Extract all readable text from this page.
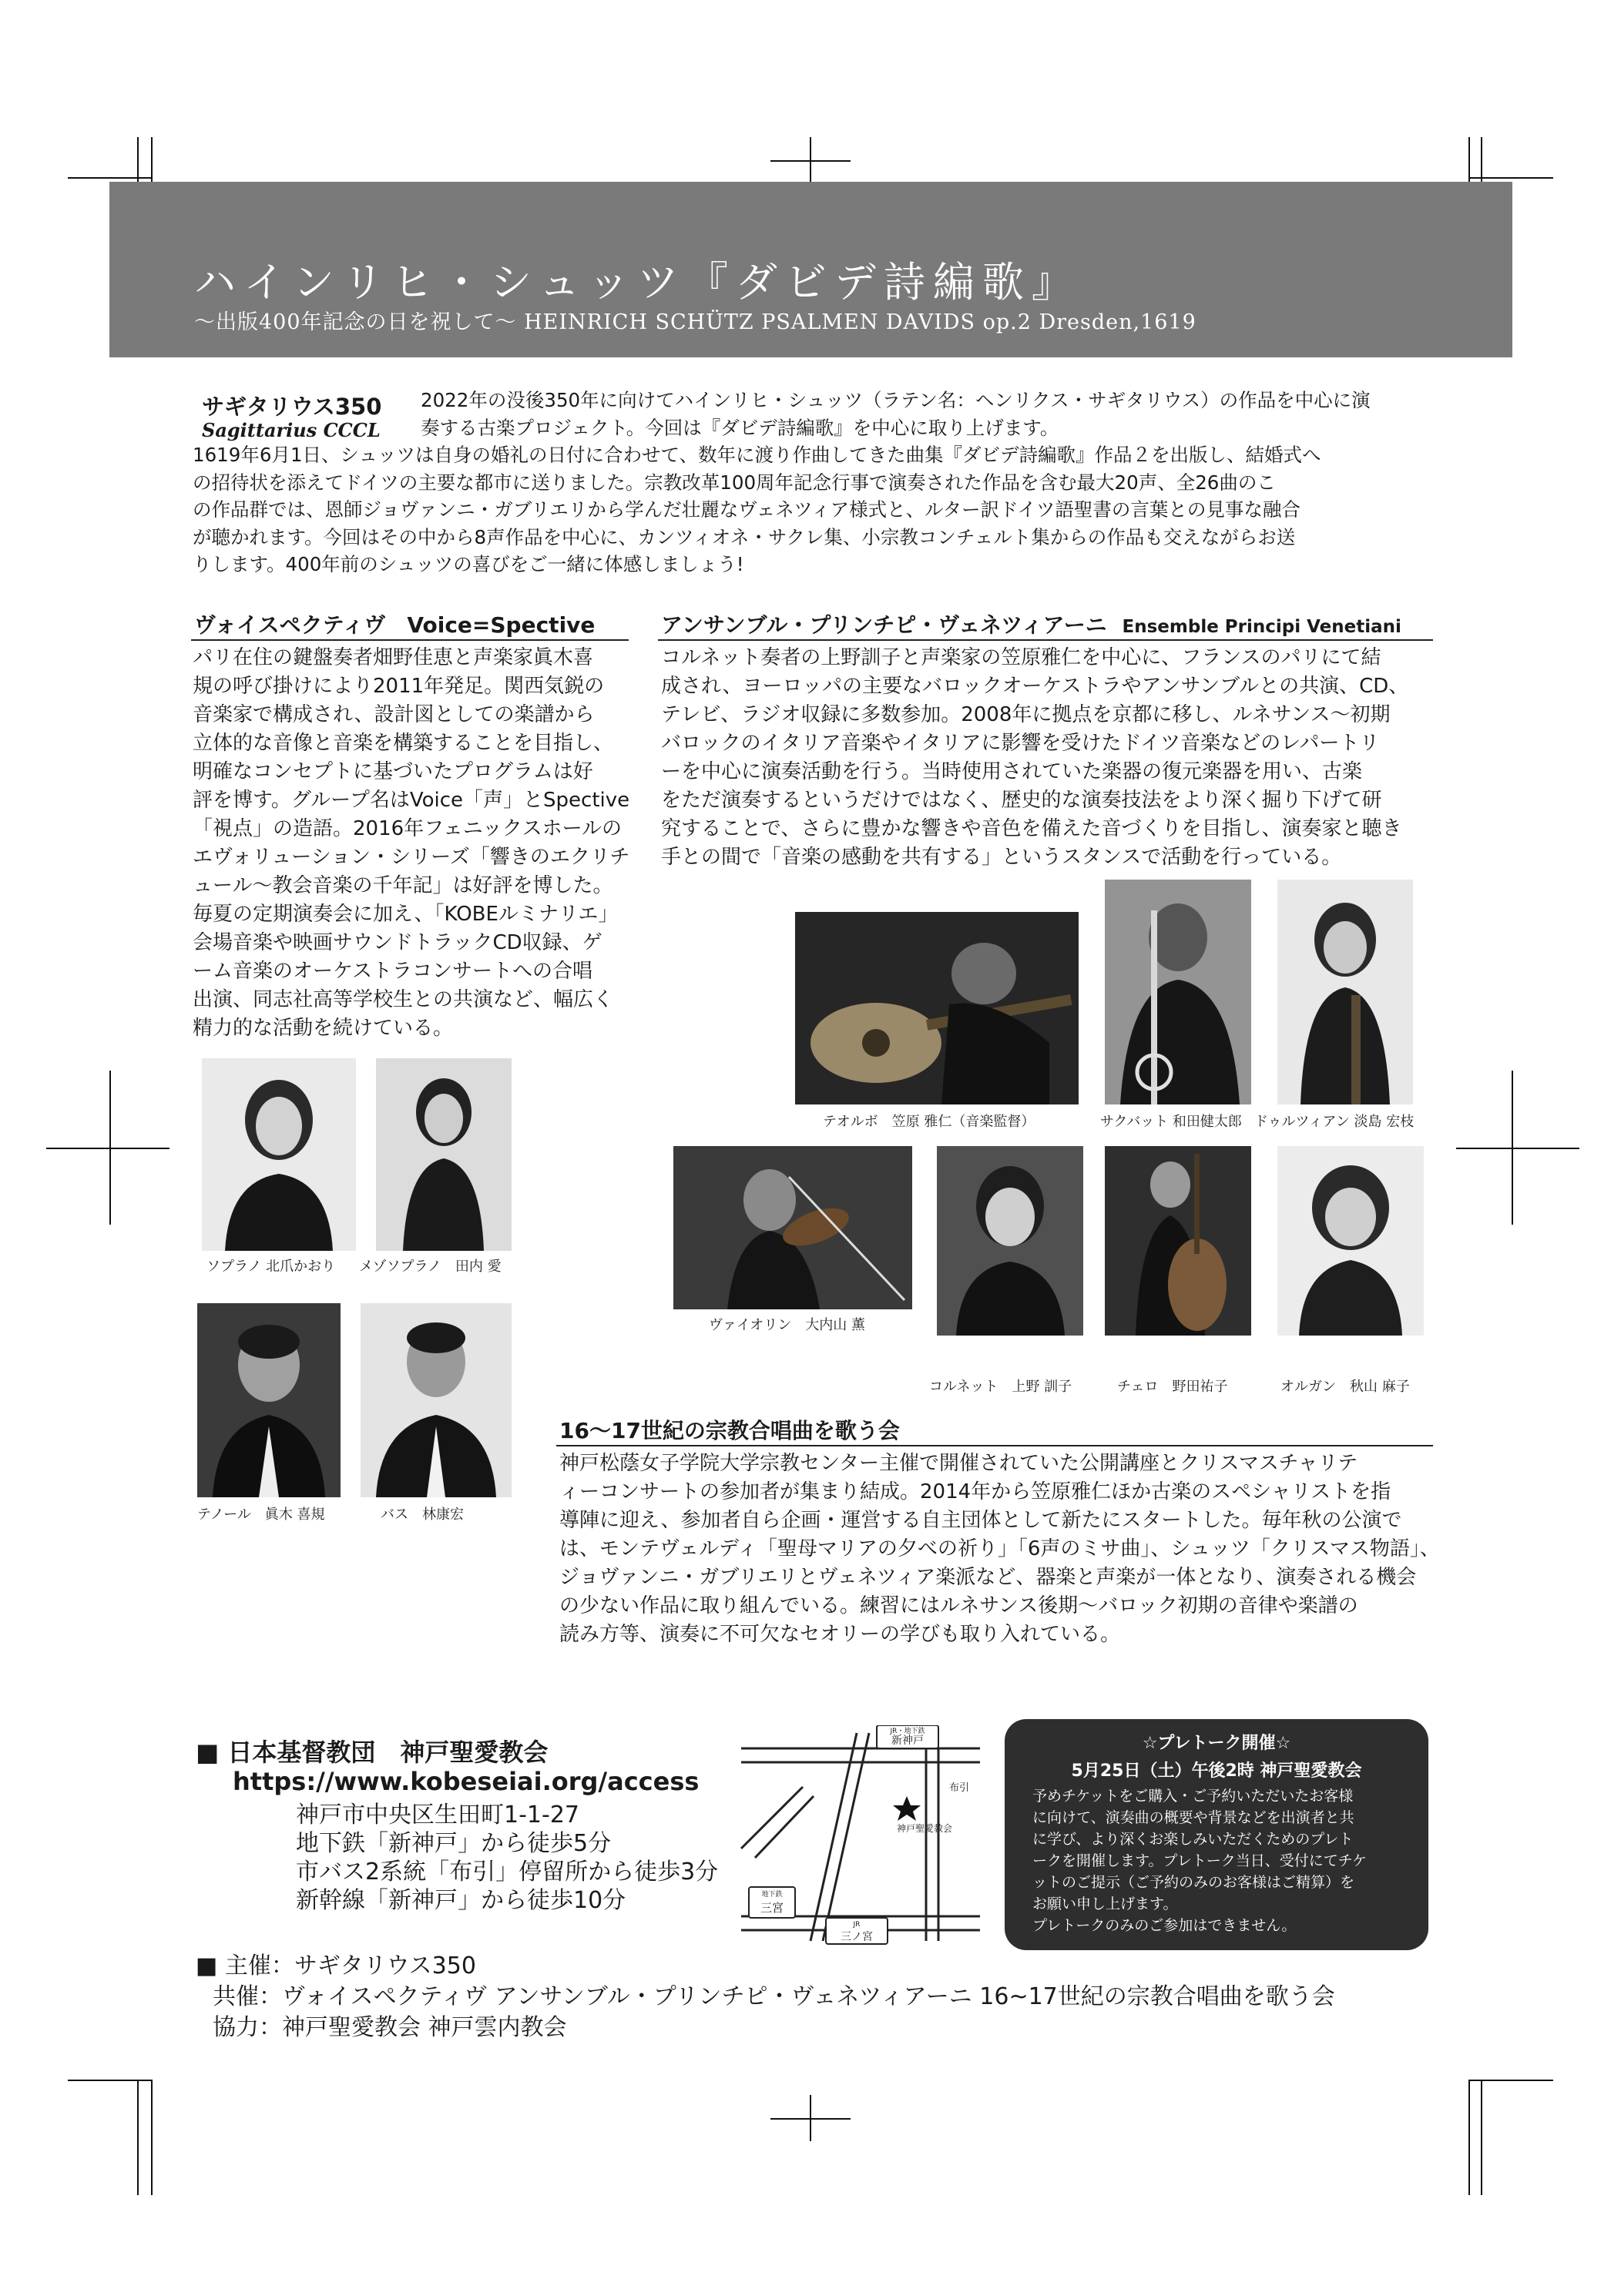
ハインリヒ・シュッツ『ダビデ詩編歌』
〜出版400年記念の日を祝して〜 HEINRICH SCHÜTZ PSALMEN DAVIDS op.2 Dresden,1619
サギタリウス350
Sagittarius CCCL
2022年の没後350年に向けてハインリヒ・シュッツ（ラテン名：ヘンリクス・サギタリウス）の作品を中心に演
奏する古楽プロジェクト。今回は『ダビデ詩編歌』を中心に取り上げます。
1619年6月1日、シュッツは自身の婚礼の日付に合わせて、数年に渡り作曲してきた曲集『ダビデ詩編歌』作品２を出版し、結婚式へ
の招待状を添えてドイツの主要な都市に送りました。宗教改革100周年記念行事で演奏された作品を含む最大20声、全26曲のこ
の作品群では、恩師ジョヴァンニ・ガブリエリから学んだ壮麗なヴェネツィア様式と、ルター訳ドイツ語聖書の言葉との見事な融合
が聴かれます。今回はその中から8声作品を中心に、カンツィオネ・サクレ集、小宗教コンチェルト集からの作品も交えながらお送
りします。400年前のシュッツの喜びをご一緒に体感しましょう!
ヴォイスペクティヴ　Voice=Spective
パリ在住の鍵盤奏者畑野佳恵と声楽家眞木喜
規の呼び掛けにより2011年発足。関西気鋭の
音楽家で構成され、設計図としての楽譜から
立体的な音像と音楽を構築することを目指し、
明確なコンセプトに基づいたプログラムは好
評を博す。グループ名はVoice「声」とSpective
「視点」の造語。2016年フェニックスホールの
エヴォリューション・シリーズ「響きのエクリチ
ュール〜教会音楽の千年記」は好評を博した。
毎夏の定期演奏会に加え、「KOBEルミナリエ」
会場音楽や映画サウンドトラックCD収録、ゲ
ーム音楽のオーケストラコンサートへの合唱
出演、同志社高等学校生との共演など、幅広く
精力的な活動を続けている。
アンサンブル・プリンチピ・ヴェネツィアーニ Ensemble Principi Venetiani
コルネット奏者の上野訓子と声楽家の笠原雅仁を中心に、フランスのパリにて結
成され、ヨーロッパの主要なバロックオーケストラやアンサンブルとの共演、CD、
テレビ、ラジオ収録に多数参加。2008年に拠点を京都に移し、ルネサンス〜初期
バロックのイタリア音楽やイタリアに影響を受けたドイツ音楽などのレパートリ
ーを中心に演奏活動を行う。当時使用されていた楽器の復元楽器を用い、古楽
をただ演奏するというだけではなく、歴史的な演奏技法をより深く掘り下げて研
究することで、さらに豊かな響きや音色を備えた音づくりを目指し、演奏家と聴き
手との間で「音楽の感動を共有する」というスタンスで活動を行っている。
テオルボ　笠原 雅仁（音楽監督）	サクバット 和田健太郎 ドゥルツィアン 淡島 宏枝
ヴァイオリン　大内山 薫
コルネット　上野 訓子	チェロ　野田祐子	オルガン　秋山 麻子
ソプラノ 北爪かおり メゾソプラノ　田内 愛
テノール　眞木 喜規	バス　林康宏
16〜17世紀の宗教合唱曲を歌う会
神戸松蔭女子学院大学宗教センター主催で開催されていた公開講座とクリスマスチャリテ
ィーコンサートの参加者が集まり結成。2014年から笠原雅仁ほか古楽のスペシャリストを指
導陣に迎え、参加者自ら企画・運営する自主団体として新たにスタートした。毎年秋の公演で
は、モンテヴェルディ「聖母マリアの夕べの祈り」「6声のミサ曲」、シュッツ「クリスマス物語」、
ジョヴァンニ・ガブリエリとヴェネツィア楽派など、器楽と声楽が一体となり、演奏される機会
の少ない作品に取り組んでいる。練習にはルネサンス後期〜バロック初期の音律や楽譜の
読み方等、演奏に不可欠なセオリーの学びも取り入れている。
■ 日本基督教団　神戸聖愛教会
https://www.kobeseiai.org/access
神戸市中央区生田町1-1-27
地下鉄「新神戸」から徒歩5分
市バス2系統「布引」停留所から徒歩3分
新幹線「新神戸」から徒歩10分
JR・地下鉄
新神戸
布引
神戸聖愛教会
地下鉄
三宮
JR
三ノ宮
☆プレトーク開催☆
5月25日（土）午後2時 神戸聖愛教会
予めチケットをご購入・ご予約いただいたお客様
に向けて、演奏曲の概要や背景などを出演者と共
に学び、より深くお楽しみいただくためのプレト
ークを開催します。プレトーク当日、受付にてチケ
ットのご提示（ご予約のみのお客様はご精算）を
お願い申し上げます。
プレトークのみのご参加はできません。
■ 主催：サギタリウス350
共催：ヴォイスペクティヴ アンサンブル・プリンチピ・ヴェネツィアーニ 16~17世紀の宗教合唱曲を歌う会
協力：神戸聖愛教会 神戸雲内教会
